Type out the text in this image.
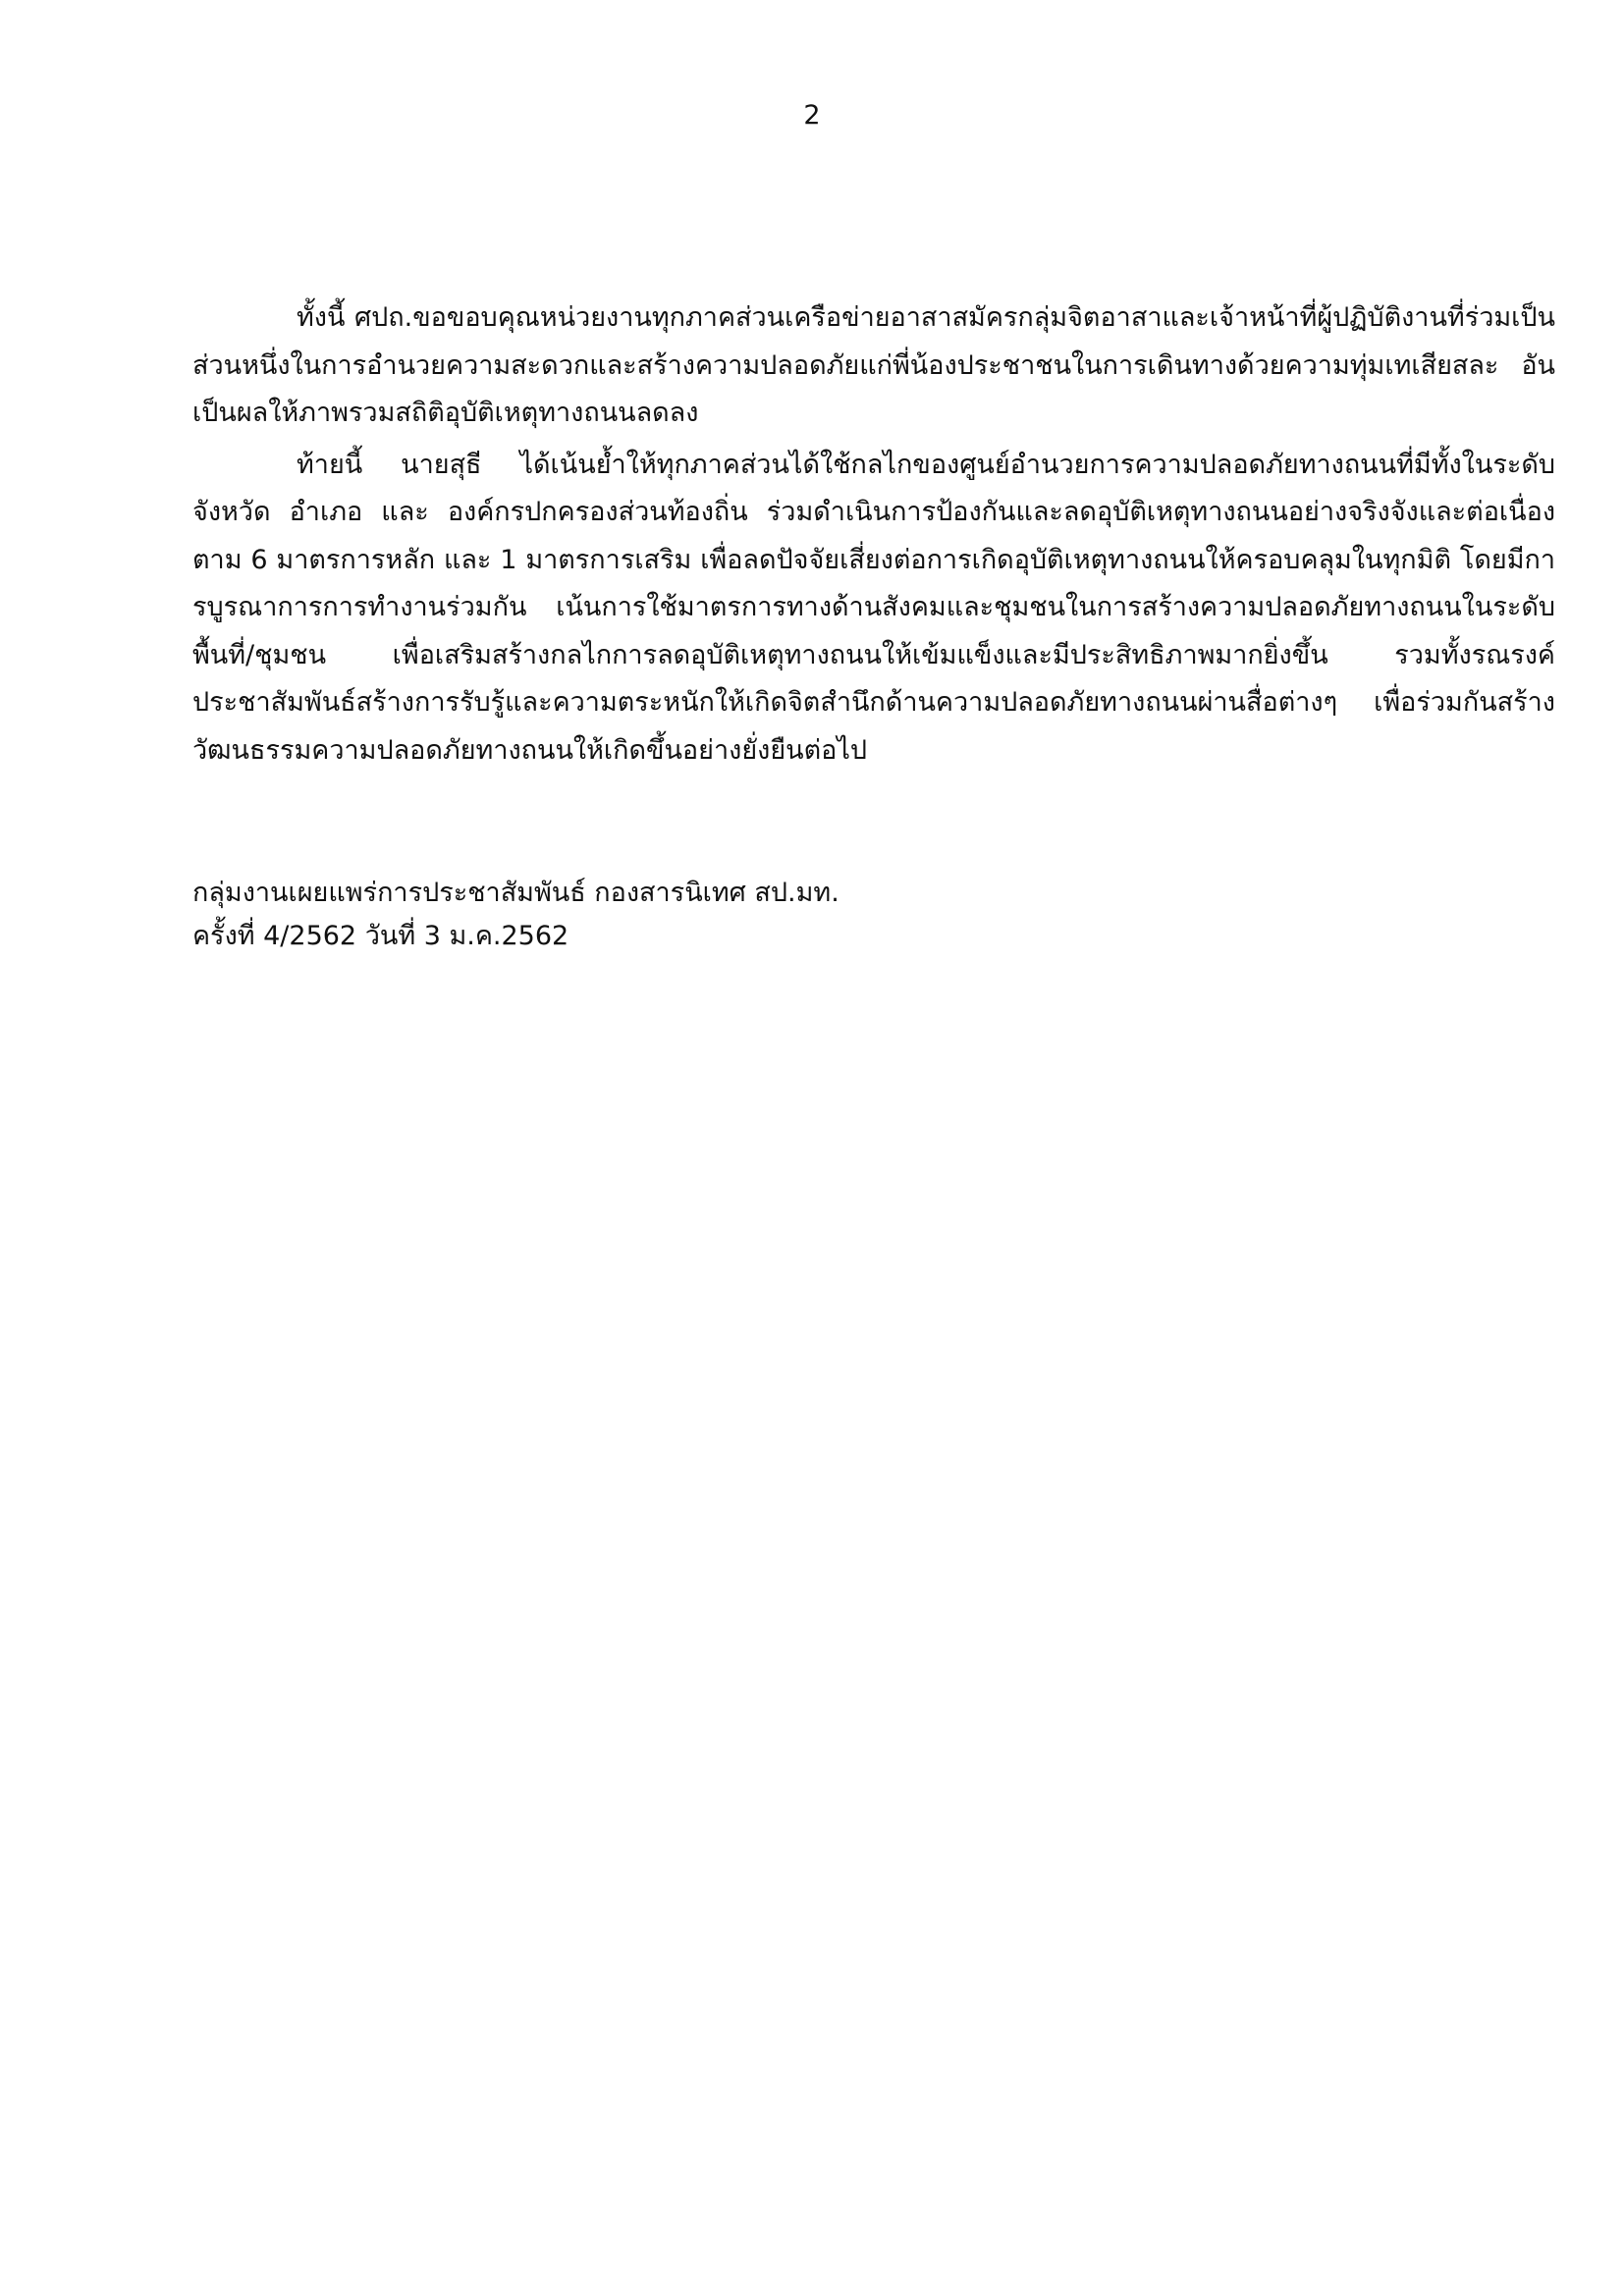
2

ทั้งนี้ ศปถ.ขอขอบคุณหน่วยงานทุกภาคส่วนเครือข่ายอาสาสมัครกลุ่มจิตอาสาและเจ้าหน้าที่ผู้ปฏิบัติงานที่ร่วมเป็นส่วนหนึ่งในการอำนวยความสะดวกและสร้างความปลอดภัยแก่พี่น้องประชาชนในการเดินทางด้วยความทุ่มเทเสียสละ อันเป็นผลให้ภาพรวมสถิติอุบัติเหตุทางถนนลดลง

ท้ายนี้ นายสุธี ได้เน้นย้ำให้ทุกภาคส่วนได้ใช้กลไกของศูนย์อำนวยการความปลอดภัยทางถนนที่มีทั้งในระดับจังหวัด อำเภอ และ องค์กรปกครองส่วนท้องถิ่น ร่วมดำเนินการป้องกันและลดอุบัติเหตุทางถนนอย่างจริงจังและต่อเนื่องตาม 6 มาตรการหลัก และ 1 มาตรการเสริม เพื่อลดปัจจัยเสี่ยงต่อการเกิดอุบัติเหตุทางถนนให้ครอบคลุมในทุกมิติ โดยมีการบูรณาการการทำงานร่วมกัน เน้นการใช้มาตรการทางด้านสังคมและชุมชนในการสร้างความปลอดภัยทางถนนในระดับพื้นที่/ชุมชน เพื่อเสริมสร้างกลไกการลดอุบัติเหตุทางถนนให้เข้มแข็งและมีประสิทธิภาพมากยิ่งขึ้น รวมทั้งรณรงค์ประชาสัมพันธ์สร้างการรับรู้และความตระหนักให้เกิดจิตสำนึกด้านความปลอดภัยทางถนนผ่านสื่อต่างๆ เพื่อร่วมกันสร้างวัฒนธรรมความปลอดภัยทางถนนให้เกิดขึ้นอย่างยั่งยืนต่อไป

กลุ่มงานเผยแพร่การประชาสัมพันธ์ กองสารนิเทศ สป.มท.
ครั้งที่ 4/2562 วันที่ 3 ม.ค.2562
